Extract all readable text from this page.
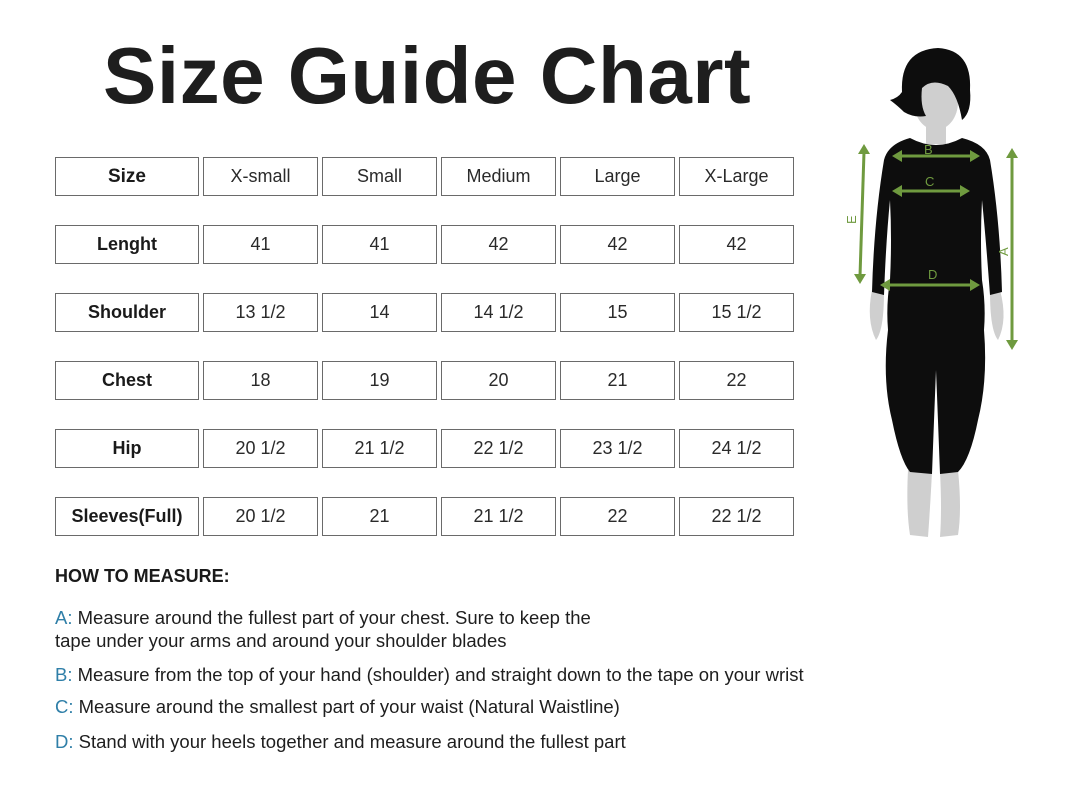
Size Guide Chart
Size	X-small	Small	Medium	Large	X-Large
Lenght	41	41	42	42	42
Shoulder	13 1/2	14	14 1/2	15	15 1/2
Chest	18	19	20	21	22
Hip	20 1/2	21 1/2	22 1/2	23 1/2	24 1/2
Sleeves(Full)	20 1/2	21	21 1/2	22	22 1/2
HOW TO MEASURE:
A: Measure around the fullest part of your chest. Sure to keep the
tape under your arms and around your shoulder blades
B: Measure from the top of your hand (shoulder) and straight down to the tape on your wrist
C: Measure around the smallest part of your waist (Natural Waistline)
D: Stand with your heels together and measure around the fullest part
B
C
D
E
A
